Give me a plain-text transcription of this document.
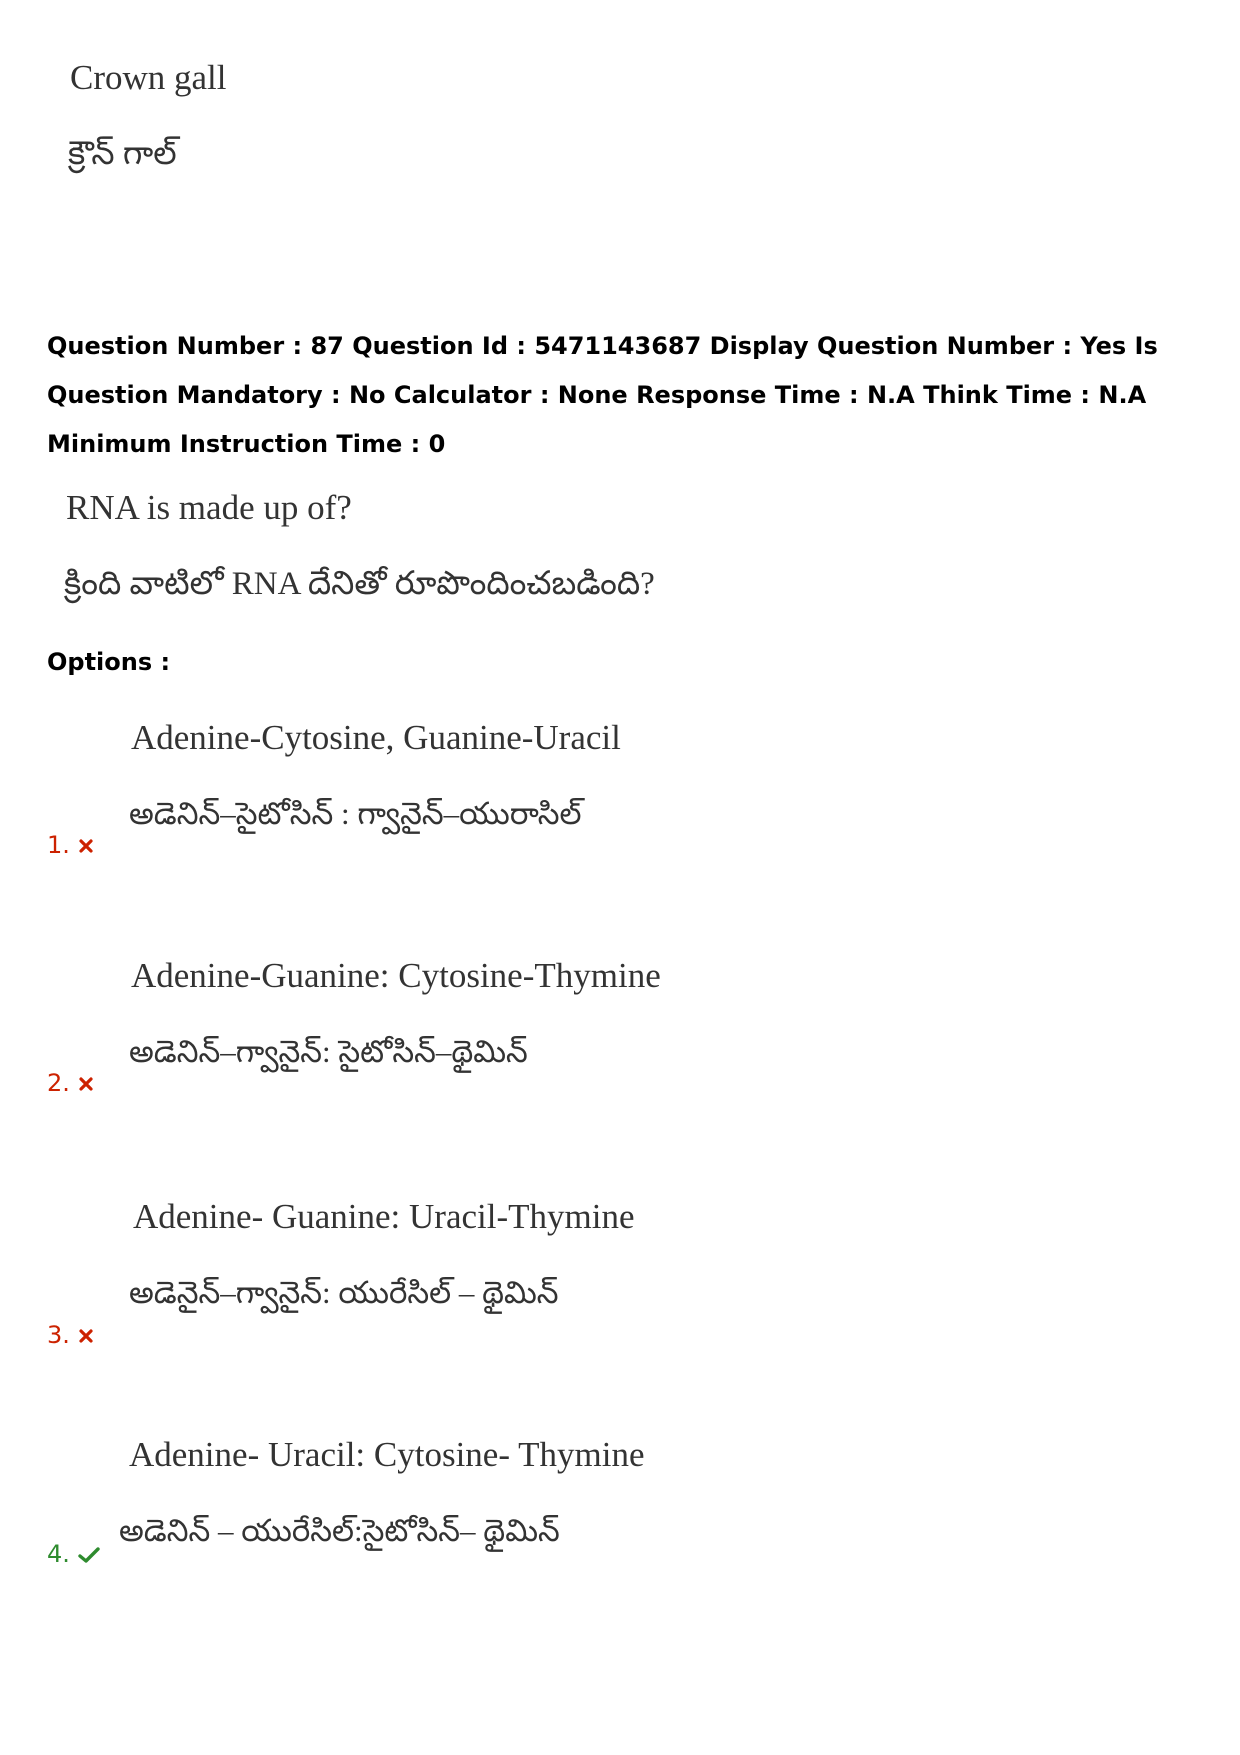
Crown gall
క్రౌన్ గాల్
Question Number : 87 Question Id : 5471143687 Display Question Number : Yes Is Question Mandatory : No Calculator : None Response Time : N.A Think Time : N.A Minimum Instruction Time : 0
RNA is made up of?
క్రింది వాటిలో RNA దేనితో రూపొందించబడింది?
Options :
Adenine-Cytosine, Guanine-Uracil
అడెనిన్–సైటోసిన్ : గ్వానైన్–యురాసిల్
1.
Adenine-Guanine: Cytosine-Thymine
అడెనిన్–గ్వానైన్: సైటోసిన్–థైమిన్
2.
Adenine- Guanine: Uracil-Thymine
అడెనైన్–గ్వానైన్: యురేసిల్ – థైమిన్
3.
Adenine- Uracil: Cytosine- Thymine
అడెనిన్ – యురేసిల్:సైటోసిన్– థైమిన్
4.
